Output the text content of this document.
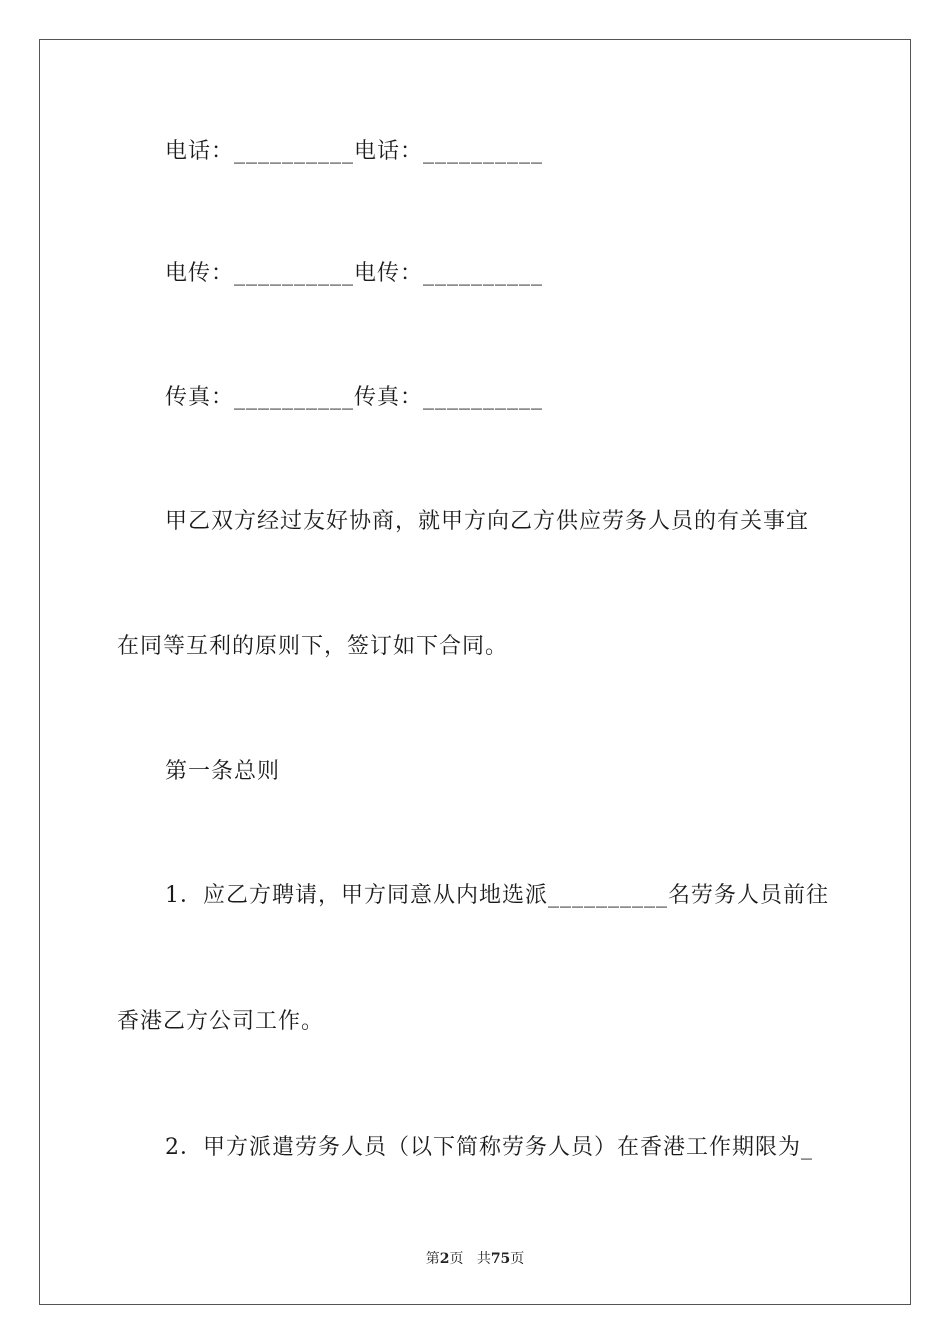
电话：__________电话：__________
电传：__________电传：__________
传真：__________传真：__________
甲乙双方经过友好协商，就甲方向乙方供应劳务人员的有关事宜
在同等互利的原则下，签订如下合同。
第一条总则
1．应乙方聘请，甲方同意从内地选派__________名劳务人员前往
香港乙方公司工作。
2．甲方派遣劳务人员（以下简称劳务人员）在香港工作期限为_
第2页 共75页
